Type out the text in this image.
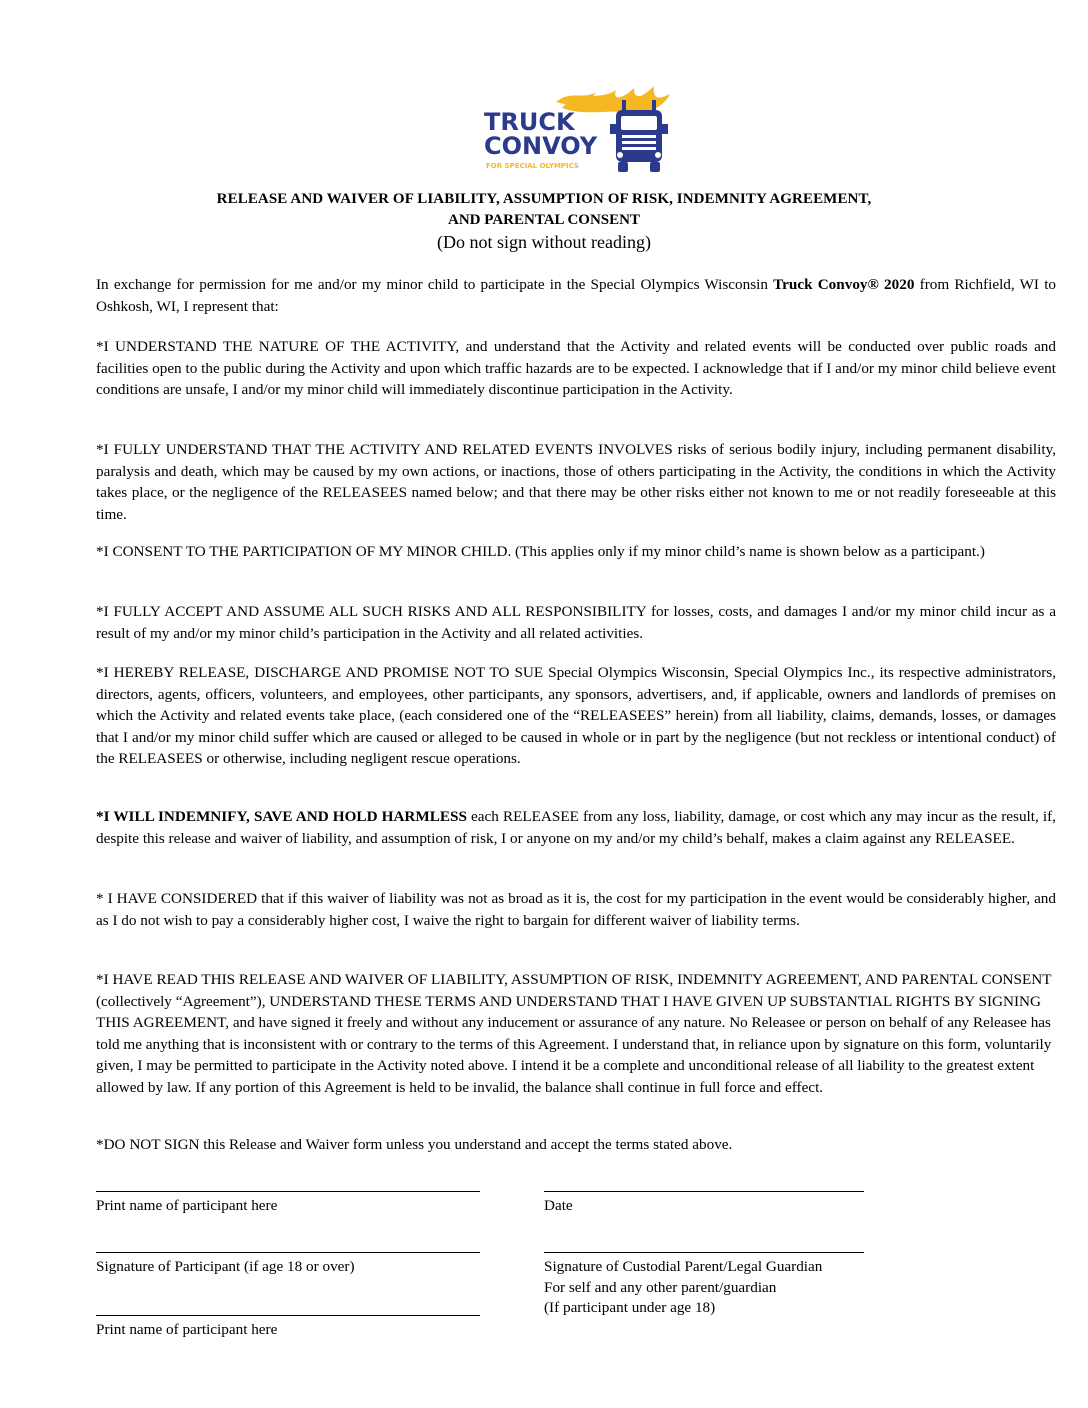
TRUCK
CONVOY
FOR SPECIAL OLYMPICS
RELEASE AND WAIVER OF LIABILITY, ASSUMPTION OF RISK, INDEMNITY AGREEMENT,
AND PARENTAL CONSENT
(Do not sign without reading)

In exchange for permission for me and/or my minor child to participate in the Special Olympics Wisconsin Truck Convoy® 2020 from Richfield, WI to Oshkosh, WI, I represent that:

*I UNDERSTAND THE NATURE OF THE ACTIVITY, and understand that the Activity and related events will be conducted over public roads and facilities open to the public during the Activity and upon which traffic hazards are to be expected. I acknowledge that if I and/or my minor child believe event conditions are unsafe, I and/or my minor child will immediately discontinue participation in the Activity.

*I FULLY UNDERSTAND THAT THE ACTIVITY AND RELATED EVENTS INVOLVES risks of serious bodily injury, including permanent disability, paralysis and death, which may be caused by my own actions, or inactions, those of others participating in the Activity, the conditions in which the Activity takes place, or the negligence of the RELEASEES named below; and that there may be other risks either not known to me or not readily foreseeable at this time.

*I CONSENT TO THE PARTICIPATION OF MY MINOR CHILD. (This applies only if my minor child’s name is shown below as a participant.)

*I FULLY ACCEPT AND ASSUME ALL SUCH RISKS AND ALL RESPONSIBILITY for losses, costs, and damages I and/or my minor child incur as a result of my and/or my minor child’s participation in the Activity and all related activities.

*I HEREBY RELEASE, DISCHARGE AND PROMISE NOT TO SUE Special Olympics Wisconsin, Special Olympics Inc., its respective administrators, directors, agents, officers, volunteers, and employees, other participants, any sponsors, advertisers, and, if applicable, owners and landlords of premises on which the Activity and related events take place, (each considered one of the “RELEASEES” herein) from all liability, claims, demands, losses, or damages that I and/or my minor child suffer which are caused or alleged to be caused in whole or in part by the negligence (but not reckless or intentional conduct) of the RELEASEES or otherwise, including negligent rescue operations.

*I WILL INDEMNIFY, SAVE AND HOLD HARMLESS each RELEASEE from any loss, liability, damage, or cost which any may incur as the result, if, despite this release and waiver of liability, and assumption of risk, I or anyone on my and/or my child’s behalf, makes a claim against any RELEASEE.

* I HAVE CONSIDERED that if this waiver of liability was not as broad as it is, the cost for my participation in the event would be considerably higher, and as I do not wish to pay a considerably higher cost, I waive the right to bargain for different waiver of liability terms.

*I HAVE READ THIS RELEASE AND WAIVER OF LIABILITY, ASSUMPTION OF RISK, INDEMNITY AGREEMENT, AND PARENTAL CONSENT (collectively “Agreement”), UNDERSTAND THESE TERMS AND UNDERSTAND THAT I HAVE GIVEN UP SUBSTANTIAL RIGHTS BY SIGNING THIS AGREEMENT, and have signed it freely and without any inducement or assurance of any nature. No Releasee or person on behalf of any Releasee has told me anything that is inconsistent with or contrary to the terms of this Agreement. I understand that, in reliance upon by signature on this form, voluntarily given, I may be permitted to participate in the Activity noted above. I intend it be a complete and unconditional release of all liability to the greatest extent allowed by law. If any portion of this Agreement is held to be invalid, the balance shall continue in full force and effect.

*DO NOT SIGN this Release and Waiver form unless you understand and accept the terms stated above.

Print name of participant here	Date
Signature of Participant (if age 18 or over)	Signature of Custodial Parent/Legal Guardian
For self and any other parent/guardian
(If participant under age 18)
Print name of participant here
